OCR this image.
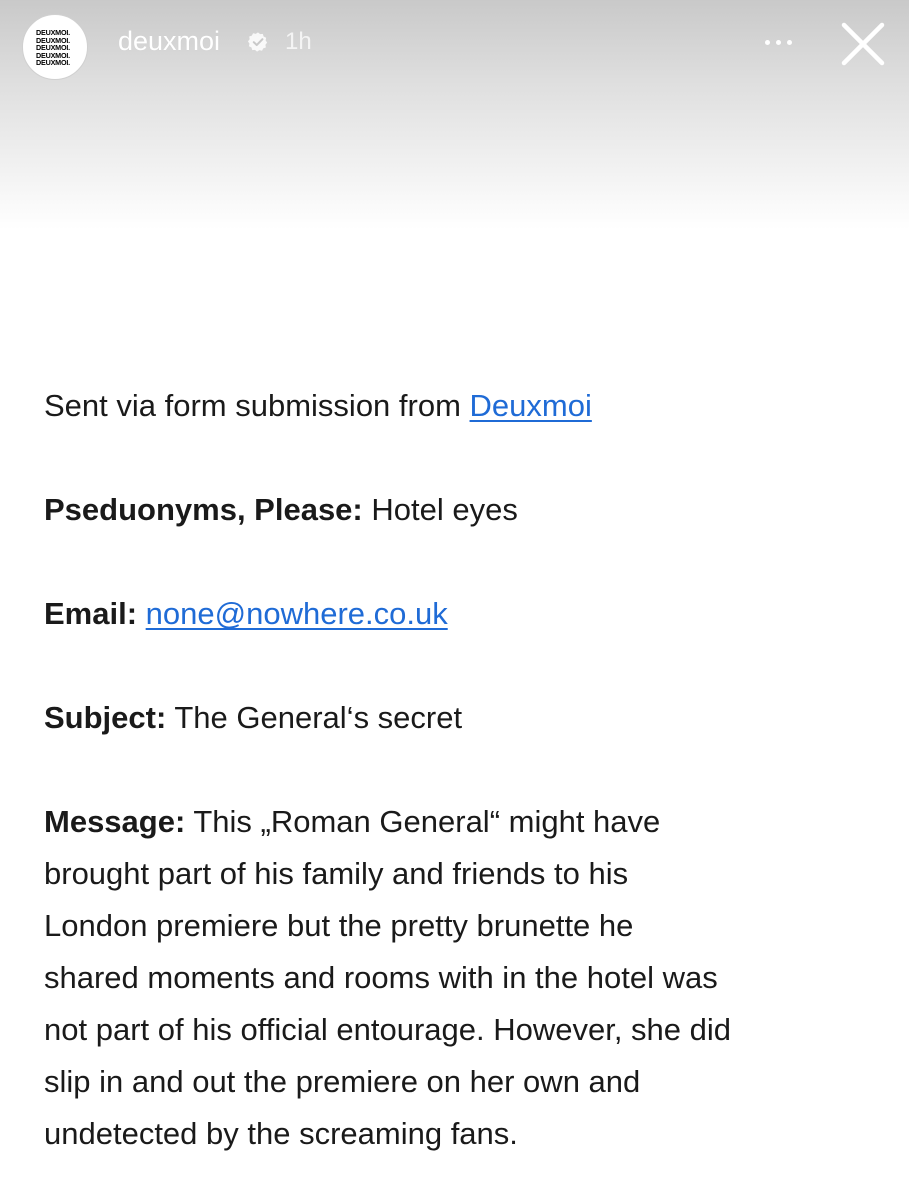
DEUXMOI.
DEUXMOI.
DEUXMOI.
DEUXMOI.
DEUXMOI.
deuxmoi	1h

Sent via form submission from Deuxmoi

Pseduonyms, Please: Hotel eyes

Email: none@nowhere.co.uk

Subject: The General‘s secret

Message: This „Roman General“ might have
brought part of his family and friends to his
London premiere but the pretty brunette he
shared moments and rooms with in the hotel was
not part of his official entourage. However, she did
slip in and out the premiere on her own and
undetected by the screaming fans.
